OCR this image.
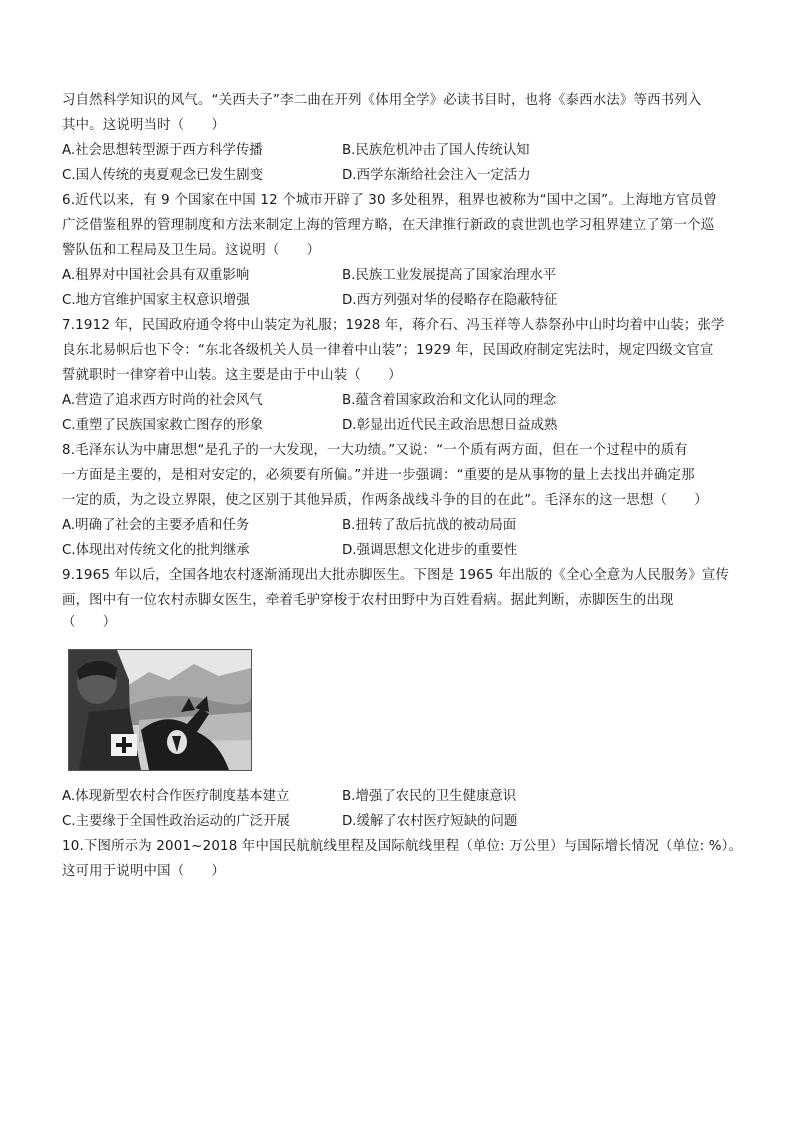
习自然科学知识的风气。“关西夫子”李二曲在开列《体用全学》必读书目时，也将《泰西水法》等西书列入
其中。这说明当时（　　）
A.社会思想转型源于西方科学传播	B.民族危机冲击了国人传统认知
C.国人传统的夷夏观念已发生剧变	D.西学东渐给社会注入一定活力
6.近代以来，有 9 个国家在中国 12 个城市开辟了 30 多处租界，租界也被称为“国中之国”。上海地方官员曾
广泛借鉴租界的管理制度和方法来制定上海的管理方略，在天津推行新政的袁世凯也学习租界建立了第一个巡
警队伍和工程局及卫生局。这说明（　　）
A.租界对中国社会具有双重影响	B.民族工业发展提高了国家治理水平
C.地方官维护国家主权意识增强	D.西方列强对华的侵略存在隐蔽特征
7.1912 年，民国政府通令将中山装定为礼服；1928 年，蒋介石、冯玉祥等人恭祭孙中山时均着中山装；张学
良东北易帜后也下令：“东北各级机关人员一律着中山装”；1929 年，民国政府制定宪法时，规定四级文官宣
誓就职时一律穿着中山装。这主要是由于中山装（　　）
A.营造了追求西方时尚的社会风气	B.蕴含着国家政治和文化认同的理念
C.重塑了民族国家救亡图存的形象	D.彰显出近代民主政治思想日益成熟
8.毛泽东认为中庸思想“是孔子的一大发现，一大功绩。”又说：“一个质有两方面，但在一个过程中的质有
一方面是主要的，是相对安定的，必须要有所偏。”并进一步强调：“重要的是从事物的量上去找出并确定那
一定的质，为之设立界限，使之区别于其他异质，作两条战线斗争的目的在此”。毛泽东的这一思想（　　）
A.明确了社会的主要矛盾和任务	B.扭转了敌后抗战的被动局面
C.体现出对传统文化的批判继承	D.强调思想文化进步的重要性
9.1965 年以后，全国各地农村逐渐涌现出大批赤脚医生。下图是 1965 年出版的《全心全意为人民服务》宣传
画，图中有一位农村赤脚女医生，牵着毛驴穿梭于农村田野中为百姓看病。据此判断，赤脚医生的出现
（　　）
A.体现新型农村合作医疗制度基本建立	B.增强了农民的卫生健康意识
C.主要缘于全国性政治运动的广泛开展	D.缓解了农村医疗短缺的问题
10.下图所示为 2001~2018 年中国民航航线里程及国际航线里程（单位: 万公里）与国际增长情况（单位: %）。
这可用于说明中国（　　）
